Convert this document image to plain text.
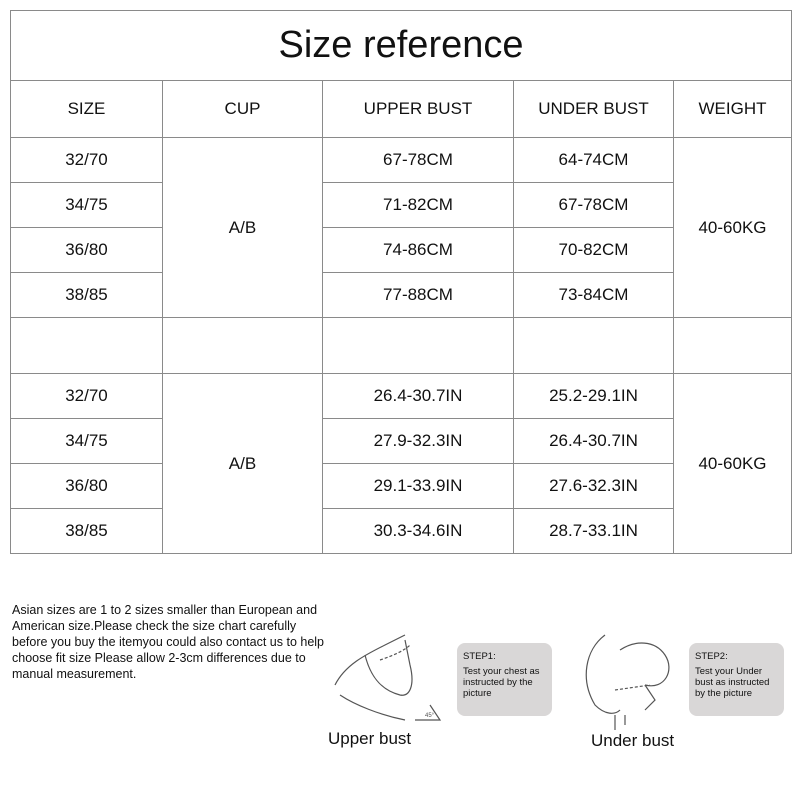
Size reference				
SIZE	CUP	UPPER BUST	UNDER BUST	WEIGHT
32/70	A/B	67-78CM	64-74CM	40-60KG
34/75		71-82CM	67-78CM	
36/80		74-86CM	70-82CM	
38/85		77-88CM	73-84CM	

32/70	A/B	26.4-30.7IN	25.2-29.1IN	40-60KG
34/75		27.9-32.3IN	26.4-30.7IN	
36/80		29.1-33.9IN	27.6-32.3IN	
38/85		30.3-34.6IN	28.7-33.1IN	
Asian sizes are 1 to 2 sizes smaller than European and American size.Please check the size chart carefully before you buy the itemyou could also contact us to help choose fit size Please allow 2-3cm differences due to manual measurement.
45°
Upper bust
STEP1:
Test your chest as instructed by the picture
Under bust
STEP2:
Test your Under bust as instructed by the picture
